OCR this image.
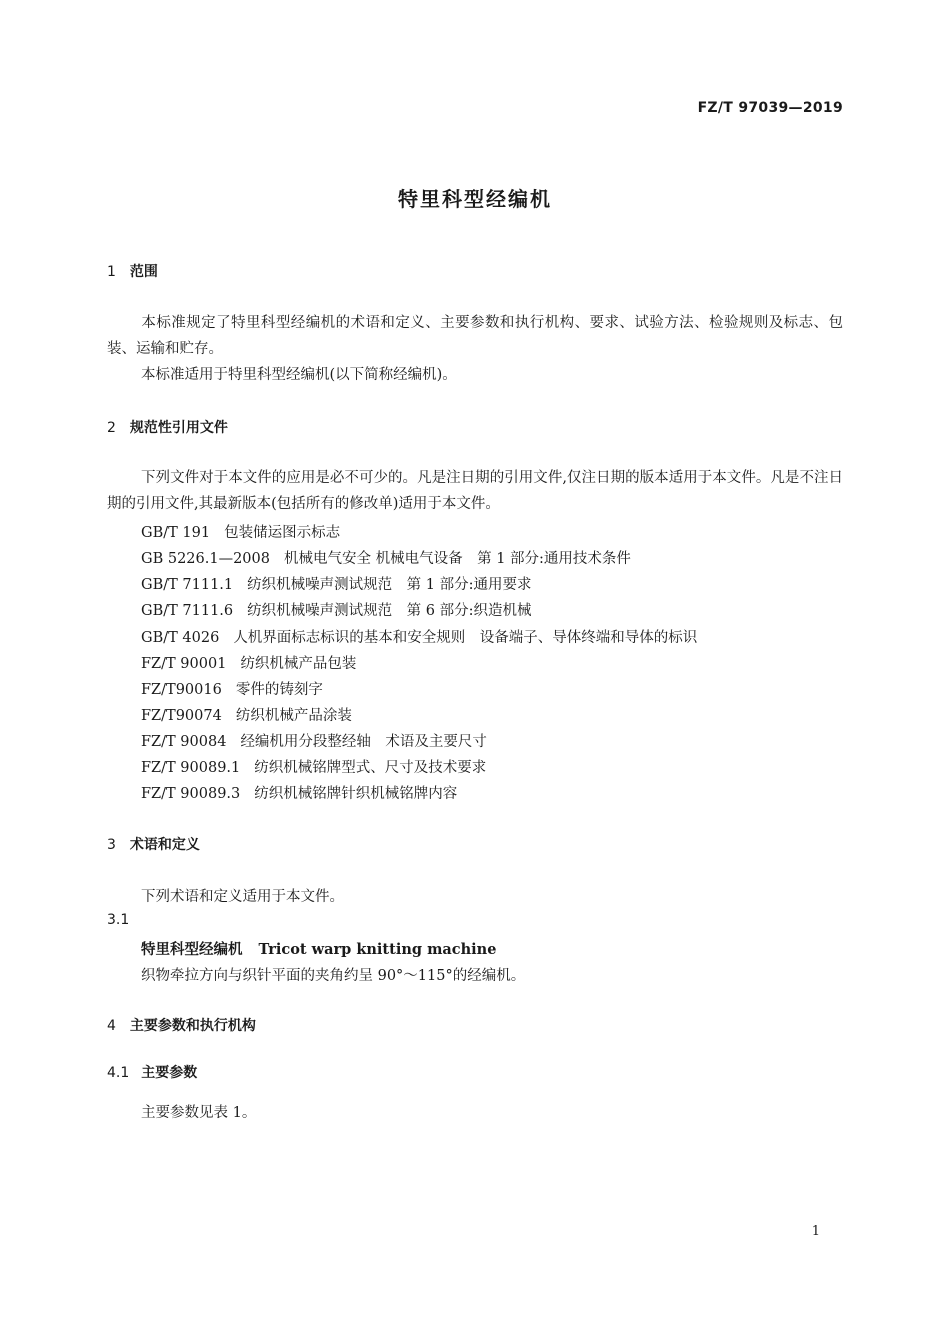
FZ/T 97039—2019
特里科型经编机
1 范围
本标准规定了特里科型经编机的术语和定义、主要参数和执行机构、要求、试验方法、检验规则及标志、包装、运输和贮存。
本标准适用于特里科型经编机(以下简称经编机)。
2 规范性引用文件
下列文件对于本文件的应用是必不可少的。凡是注日期的引用文件,仅注日期的版本适用于本文件。凡是不注日期的引用文件,其最新版本(包括所有的修改单)适用于本文件。
GB/T 191 包装储运图示标志
GB 5226.1—2008 机械电气安全 机械电气设备　第 1 部分:通用技术条件
GB/T 7111.1 纺织机械噪声测试规范　第 1 部分:通用要求
GB/T 7111.6 纺织机械噪声测试规范　第 6 部分:织造机械
GB/T 4026 人机界面标志标识的基本和安全规则　设备端子、导体终端和导体的标识
FZ/T 90001 纺织机械产品包装
FZ/T90016 零件的铸刻字
FZ/T90074 纺织机械产品涂装
FZ/T 90084 经编机用分段整经轴　术语及主要尺寸
FZ/T 90089.1 纺织机械铭牌型式、尺寸及技术要求
FZ/T 90089.3 纺织机械铭牌针织机械铭牌内容
3 术语和定义
下列术语和定义适用于本文件。
3.1
特里科型经编机 Tricot warp knitting machine
织物牵拉方向与织针平面的夹角约呈 90°～115°的经编机。
4 主要参数和执行机构
4.1 主要参数
主要参数见表 1。
1
